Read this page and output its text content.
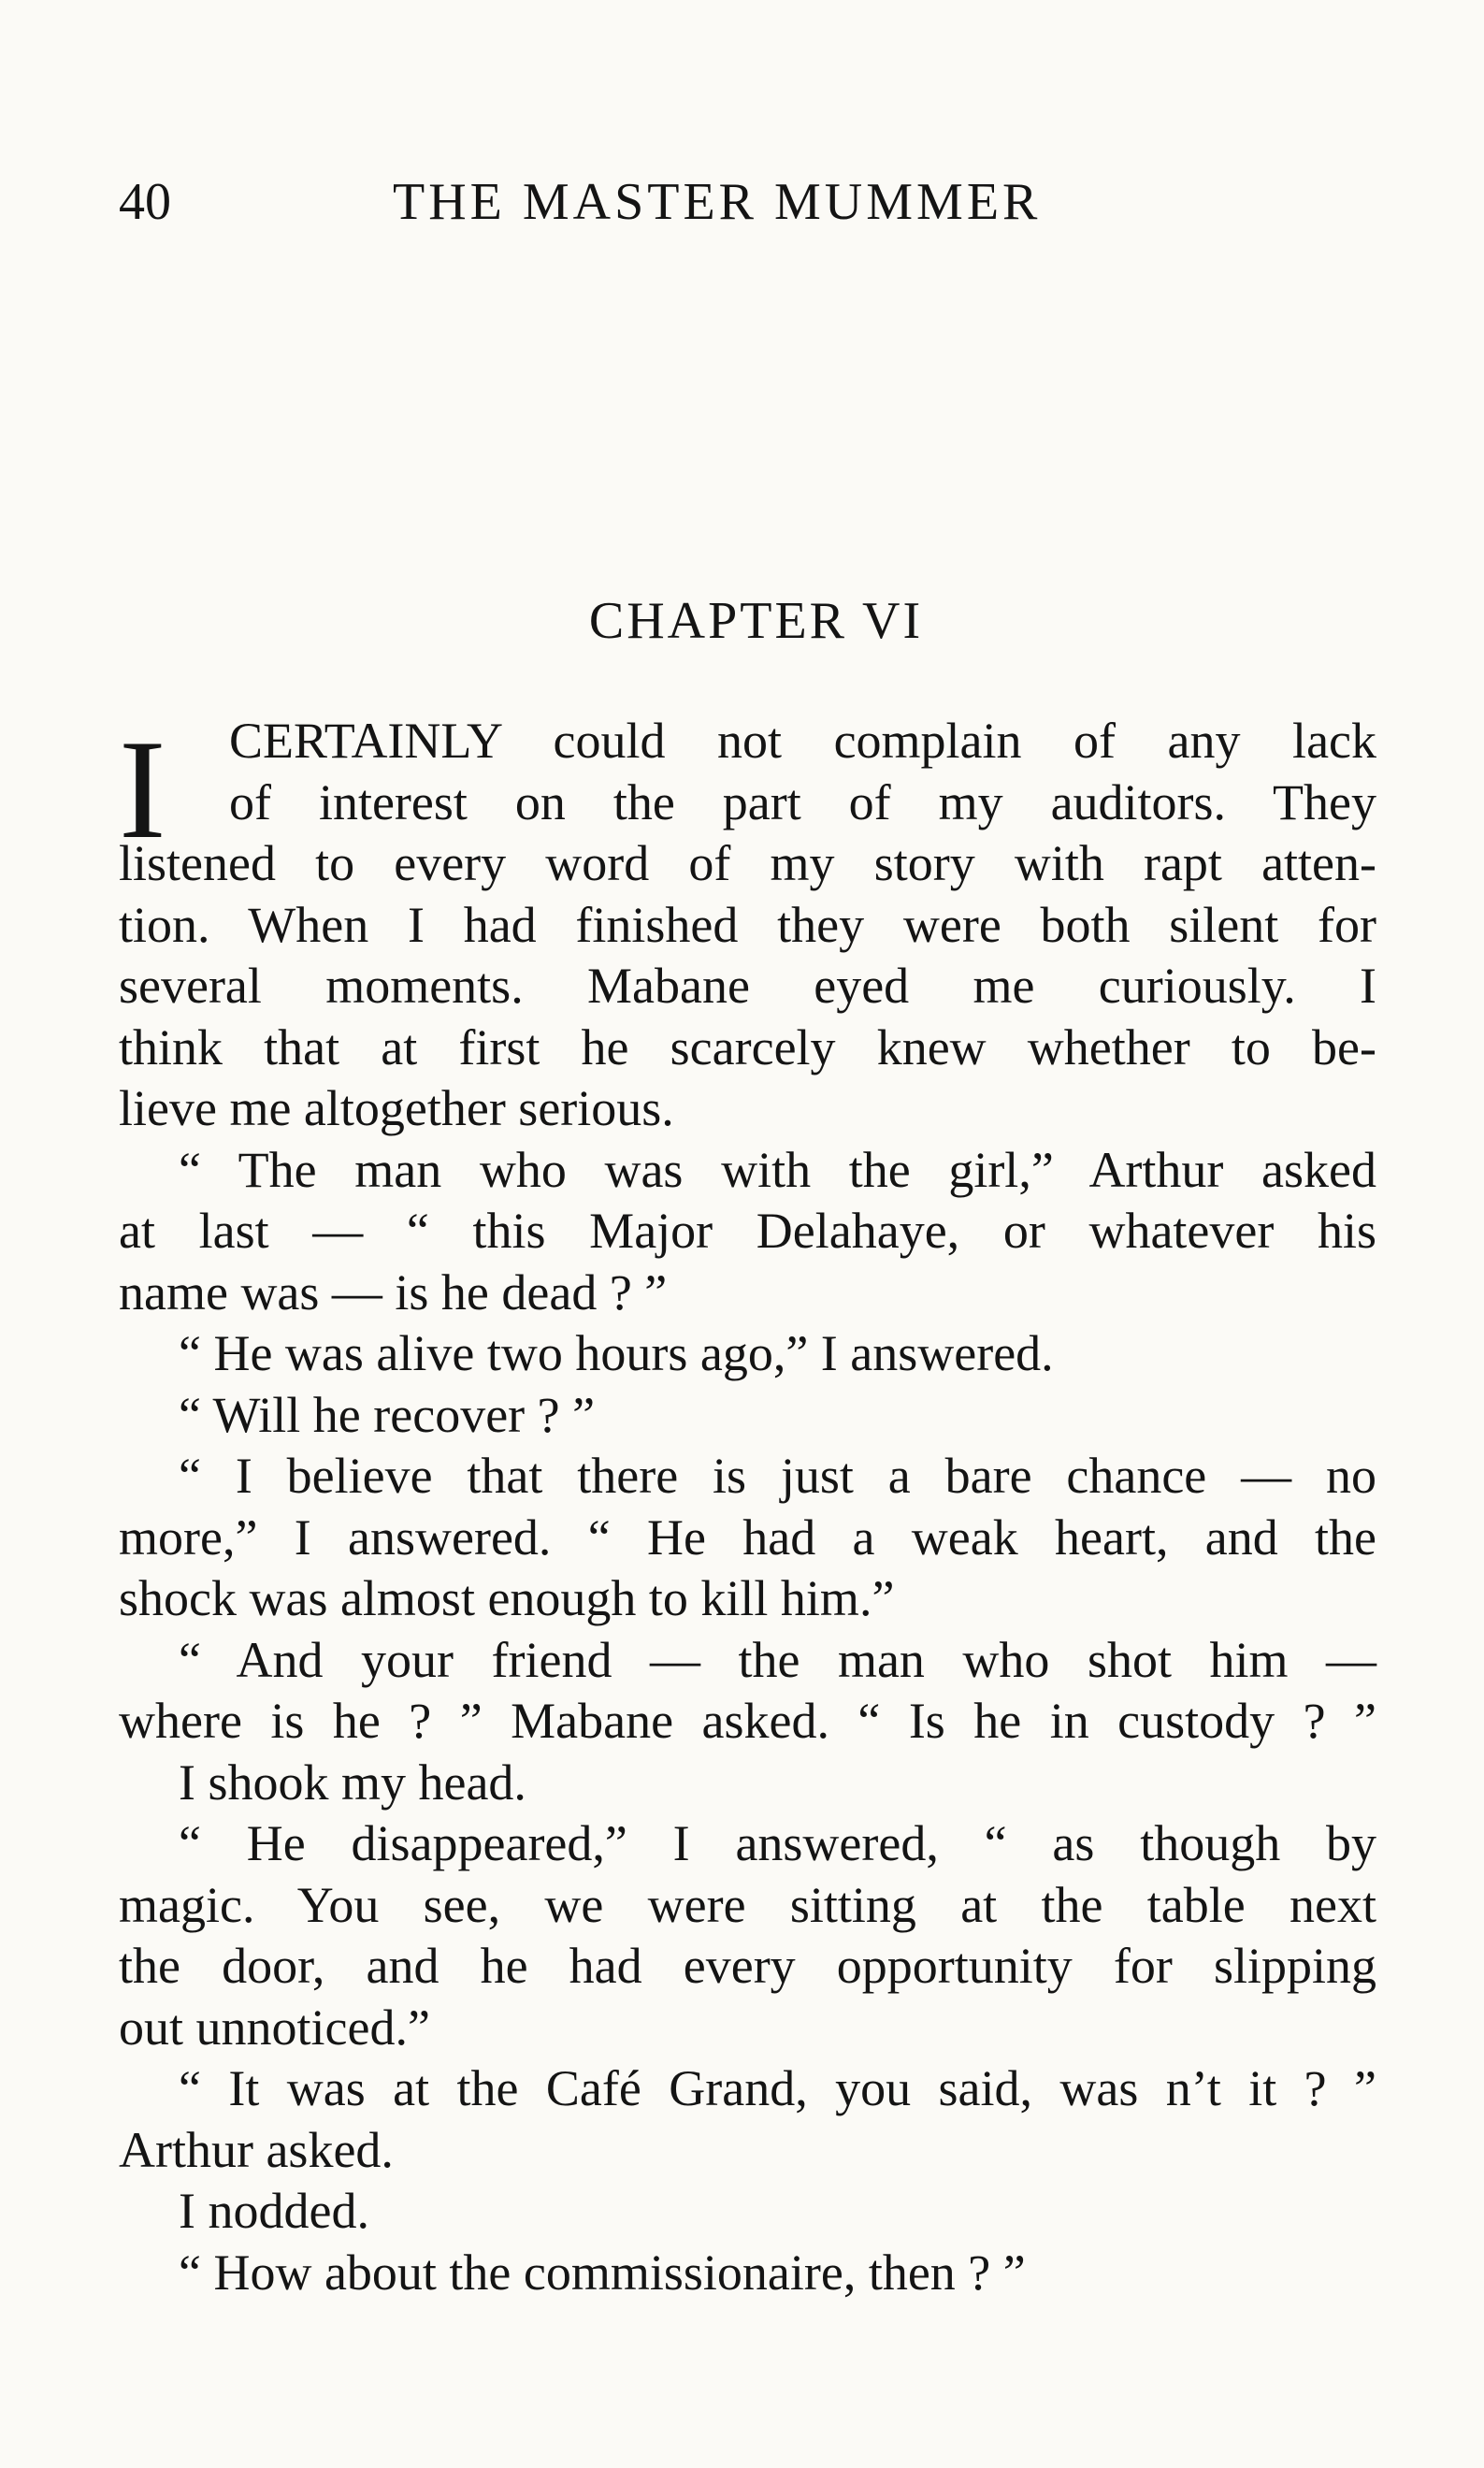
40	THE MASTER MUMMER
CHAPTER VI
I	CERTAINLY could not complain of any lack
of interest on the part of my auditors. They
listened to every word of my story with rapt atten-
tion. When I had finished they were both silent for
several moments. Mabane eyed me curiously. I
think that at first he scarcely knew whether to be-
lieve me altogether serious.
“ The man who was with the girl,” Arthur asked
at last — “ this Major Delahaye, or whatever his
name was — is he dead ? ”
“ He was alive two hours ago,” I answered.
“ Will he recover ? ”
“ I believe that there is just a bare chance — no
more,” I answered. “ He had a weak heart, and the
shock was almost enough to kill him.”
“ And your friend — the man who shot him —
where is he ? ” Mabane asked. “ Is he in custody ? ”
I shook my head.
“ He disappeared,” I answered, “ as though by
magic. You see, we were sitting at the table next
the door, and he had every opportunity for slipping
out unnoticed.”
“ It was at the Café Grand, you said, was n’t it ? ”
Arthur asked.
I nodded.
“ How about the commissionaire, then ? ”
